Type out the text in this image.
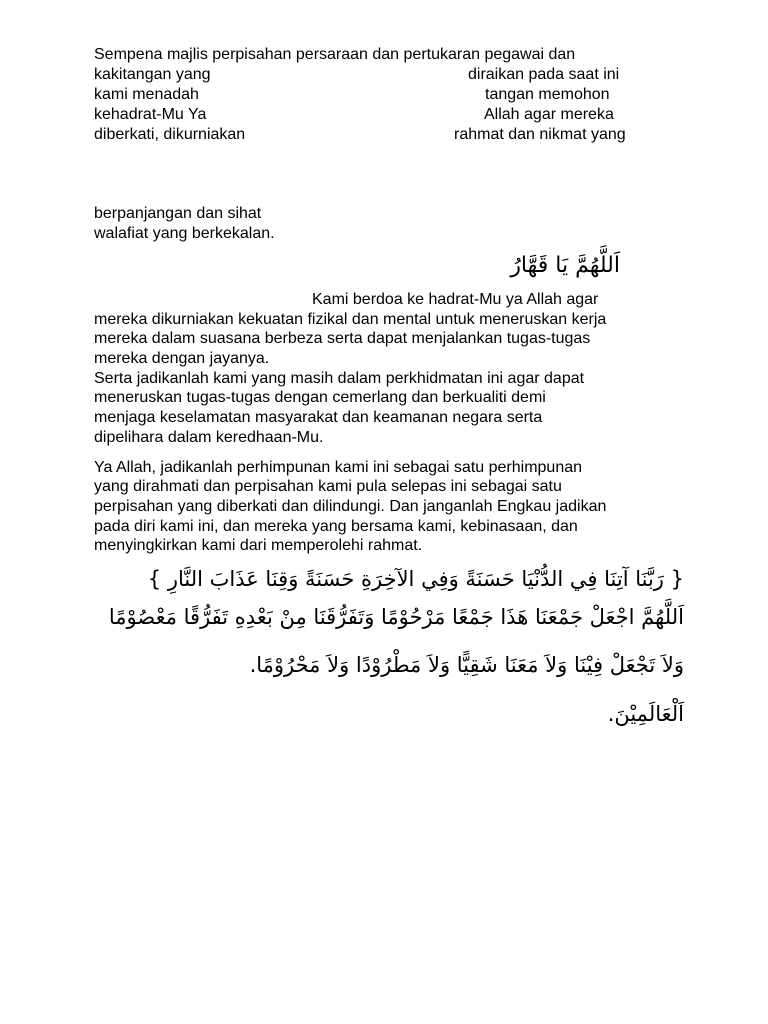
Sempena majlis perpisahan persaraan dan pertukaran pegawai dan
kakitangan yang	diraikan pada saat ini
kami menadah	tangan memohon
kehadrat-Mu Ya	Allah agar mereka
diberkati, dikurniakan	rahmat dan nikmat yang
berpanjangan dan sihat
walafiat yang berkekalan.
اَللَّهُمَّ يَا قَهَّارُ
Kami berdoa ke hadrat-Mu ya Allah agar
mereka dikurniakan kekuatan fizikal dan mental untuk meneruskan kerja
mereka dalam suasana berbeza serta dapat menjalankan tugas-tugas
mereka dengan jayanya.
Serta jadikanlah kami yang masih dalam perkhidmatan ini agar dapat
meneruskan tugas-tugas dengan cemerlang dan berkualiti demi
menjaga keselamatan masyarakat dan keamanan negara serta
dipelihara dalam keredhaan-Mu.
Ya Allah, jadikanlah perhimpunan kami ini sebagai satu perhimpunan
yang dirahmati dan perpisahan kami pula selepas ini sebagai satu
perpisahan yang diberkati dan dilindungi. Dan janganlah Engkau jadikan
pada diri kami ini, dan mereka yang bersama kami, kebinasaan, dan
menyingkirkan kami dari memperolehi rahmat.
{ رَبَّنَا آتِنَا فِي الدُّنْيَا حَسَنَةً وَفِي الآخِرَةِ حَسَنَةً وَقِنَا عَذَابَ النَّارِ }
اَللَّهُمَّ اجْعَلْ جَمْعَنَا هَذَا جَمْعًا مَرْحُوْمًا وَتَفَرُّقَنَا مِنْ بَعْدِهِ تَفَرُّقًا مَعْصُوْمًا
وَلاَ تَجْعَلْ فِيْنَا وَلاَ مَعَنَا شَقِيًّا وَلاَ مَطْرُوْدًا وَلاَ مَحْرُوْمًا.
اَلْعَالَمِيْنَ.
